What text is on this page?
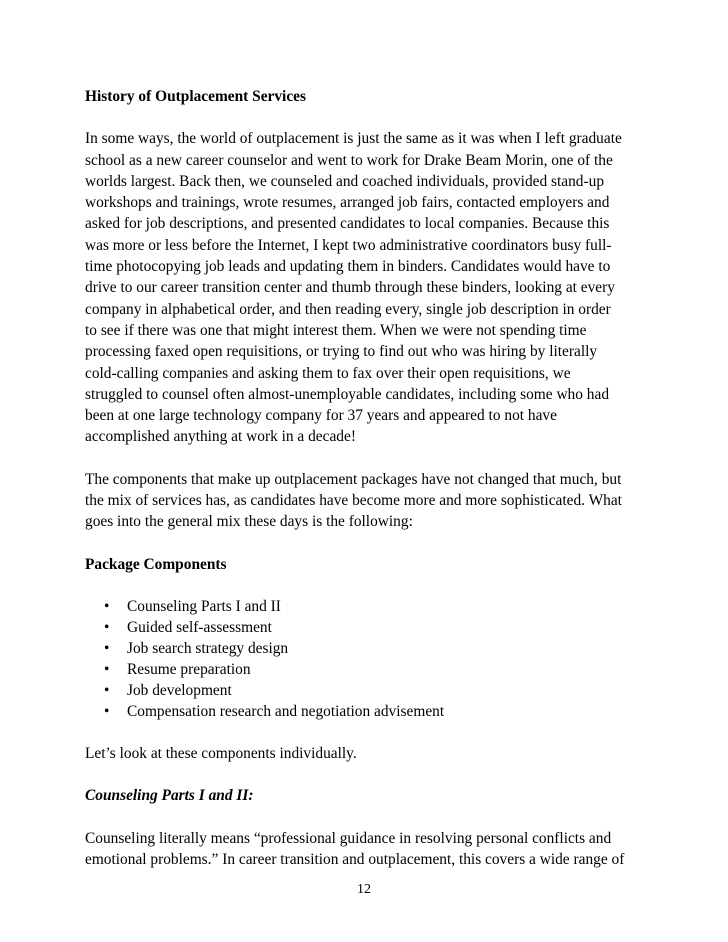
History of Outplacement Services

In some ways, the world of outplacement is just the same as it was when I left graduate
school as a new career counselor and went to work for Drake Beam Morin, one of the
worlds largest. Back then, we counseled and coached individuals, provided stand-up
workshops and trainings, wrote resumes, arranged job fairs, contacted employers and
asked for job descriptions, and presented candidates to local companies. Because this
was more or less before the Internet, I kept two administrative coordinators busy full-
time photocopying job leads and updating them in binders. Candidates would have to
drive to our career transition center and thumb through these binders, looking at every
company in alphabetical order, and then reading every, single job description in order
to see if there was one that might interest them. When we were not spending time
processing faxed open requisitions, or trying to find out who was hiring by literally
cold-calling companies and asking them to fax over their open requisitions, we
struggled to counsel often almost-unemployable candidates, including some who had
been at one large technology company for 37 years and appeared to not have
accomplished anything at work in a decade!

The components that make up outplacement packages have not changed that much, but
the mix of services has, as candidates have become more and more sophisticated. What
goes into the general mix these days is the following:

Package Components
• Counseling Parts I and II
• Guided self-assessment
• Job search strategy design
• Resume preparation
• Job development
• Compensation research and negotiation advisement

Let’s look at these components individually.

Counseling Parts I and II:

Counseling literally means “professional guidance in resolving personal conflicts and
emotional problems.” In career transition and outplacement, this covers a wide range of

12
